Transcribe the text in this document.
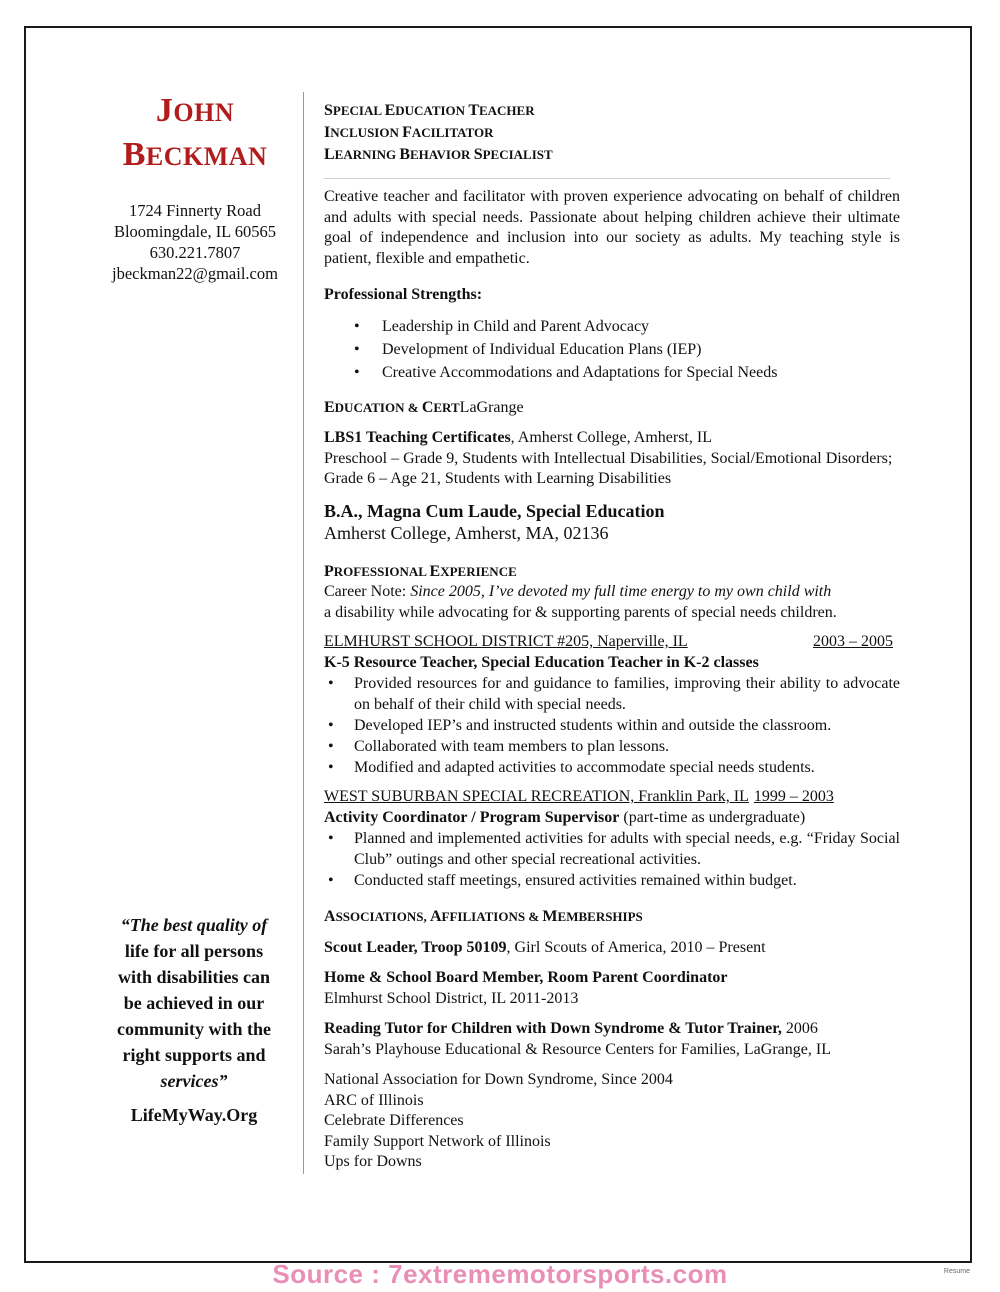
JOHN
BECKMAN
1724 Finnerty Road
Bloomingdale, IL 60565
630.221.7807
jbeckman22@gmail.com
“The best quality of
life for all persons
with disabilities can
be achieved in our
community with the
right supports and
services”
LifeMyWay.Org
SPECIAL EDUCATION TEACHER
INCLUSION FACILITATOR
LEARNING BEHAVIOR SPECIALIST
Creative teacher and facilitator with proven experience advocating on behalf of children and adults with special needs. Passionate about helping children achieve their ultimate goal of independence and inclusion into our society as adults. My teaching style is patient, flexible and empathetic.
Professional Strengths:
• Leadership in Child and Parent Advocacy
• Development of Individual Education Plans (IEP)
• Creative Accommodations and Adaptations for Special Needs
EDUCATION & CERTLaGrange
LBS1 Teaching Certificates, Amherst College, Amherst, IL
Preschool – Grade 9, Students with Intellectual Disabilities, Social/Emotional Disorders; Grade 6 – Age 21, Students with Learning Disabilities
B.A., Magna Cum Laude, Special Education
Amherst College, Amherst, MA, 02136
PROFESSIONAL EXPERIENCE
Career Note: Since 2005, I’ve devoted my full time energy to my own child with
a disability while advocating for & supporting parents of special needs children.
ELMHURST SCHOOL DISTRICT #205, Naperville, IL	2003 – 2005
K-5 Resource Teacher, Special Education Teacher in K-2 classes
• Provided resources for and guidance to families, improving their ability to advocate on behalf of their child with special needs.
• Developed IEP’s and instructed students within and outside the classroom.
• Collaborated with team members to plan lessons.
• Modified and adapted activities to accommodate special needs students.
WEST SUBURBAN SPECIAL RECREATION, Franklin Park, IL 1999 – 2003
Activity Coordinator / Program Supervisor (part-time as undergraduate)
• Planned and implemented activities for adults with special needs, e.g. “Friday Social Club” outings and other special recreational activities.
• Conducted staff meetings, ensured activities remained within budget.
ASSOCIATIONS, AFFILIATIONS & MEMBERSHIPS
Scout Leader, Troop 50109, Girl Scouts of America, 2010 – Present
Home & School Board Member, Room Parent Coordinator
Elmhurst School District, IL 2011-2013
Reading Tutor for Children with Down Syndrome & Tutor Trainer, 2006
Sarah’s Playhouse Educational & Resource Centers for Families, LaGrange, IL
National Association for Down Syndrome, Since 2004
ARC of Illinois
Celebrate Differences
Family Support Network of Illinois
Ups for Downs
Source : 7extrememotorsports.com	Resume
